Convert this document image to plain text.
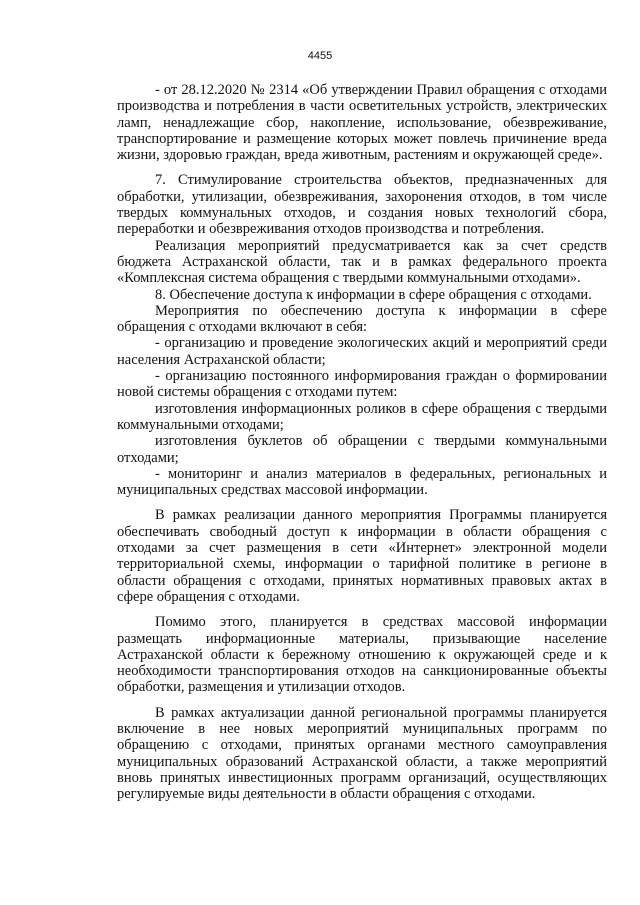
4455

- от 28.12.2020 № 2314 «Об утверждении Правил обращения с отходами производства и потребления в части осветительных устройств, электрических ламп, ненадлежащие сбор, накопление, использование, обезвреживание, транспортирование и размещение которых может повлечь причинение вреда жизни, здоровью граждан, вреда животным, растениям и окружающей среде».

7. Стимулирование строительства объектов, предназначенных для обработки, утилизации, обезвреживания, захоронения отходов, в том числе твердых коммунальных отходов, и создания новых технологий сбора, переработки и обезвреживания отходов производства и потребления.

Реализация мероприятий предусматривается как за счет средств бюджета Астраханской области, так и в рамках федерального проекта «Комплексная система обращения с твердыми коммунальными отходами».

8. Обеспечение доступа к информации в сфере обращения с отходами.

Мероприятия по обеспечению доступа к информации в сфере обращения с отходами включают в себя:

- организацию и проведение экологических акций и мероприятий среди населения Астраханской области;

- организацию постоянного информирования граждан о формировании новой системы обращения с отходами путем:

изготовления информационных роликов в сфере обращения с твердыми коммунальными отходами;

изготовления буклетов об обращении с твердыми коммунальными отходами;

- мониторинг и анализ материалов в федеральных, региональных и муниципальных средствах массовой информации.

В рамках реализации данного мероприятия Программы планируется обеспечивать свободный доступ к информации в области обращения с отходами за счет размещения в сети «Интернет» электронной модели территориальной схемы, информации о тарифной политике в регионе в области обращения с отходами, принятых нормативных правовых актах в сфере обращения с отходами.

Помимо этого, планируется в средствах массовой информации размещать информационные материалы, призывающие население Астраханской области к бережному отношению к окружающей среде и к необходимости транспортирования отходов на санкционированные объекты обработки, размещения и утилизации отходов.

В рамках актуализации данной региональной программы планируется включение в нее новых мероприятий муниципальных программ по обращению с отходами, принятых органами местного самоуправления муниципальных образований Астраханской области, а также мероприятий вновь принятых инвестиционных программ организаций, осуществляющих регулируемые виды деятельности в области обращения с отходами.
